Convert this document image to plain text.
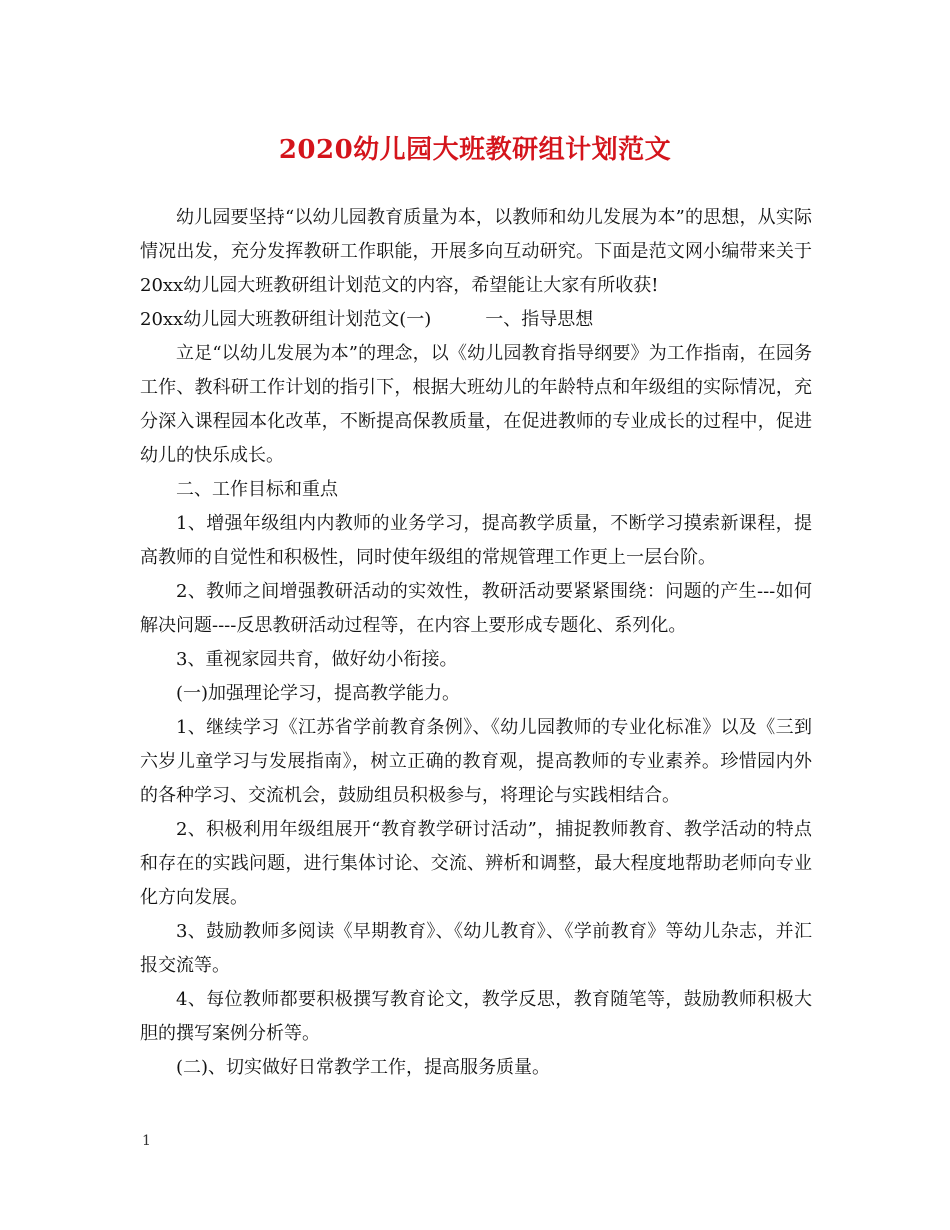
2020幼儿园大班教研组计划范文

幼儿园要坚持“以幼儿园教育质量为本，以教师和幼儿发展为本”的思想，从实际情况出发，充分发挥教研工作职能，开展多向互动研究。下面是范文网小编带来关于20xx幼儿园大班教研组计划范文的内容，希望能让大家有所收获!

20xx幼儿园大班教研组计划范文(一)	一、指导思想

立足“以幼儿发展为本”的理念，以《幼儿园教育指导纲要》为工作指南，在园务工作、教科研工作计划的指引下，根据大班幼儿的年龄特点和年级组的实际情况，充分深入课程园本化改革，不断提高保教质量，在促进教师的专业成长的过程中，促进幼儿的快乐成长。

二、工作目标和重点

1、增强年级组内内教师的业务学习，提高教学质量，不断学习摸索新课程，提高教师的自觉性和积极性，同时使年级组的常规管理工作更上一层台阶。

2、教师之间增强教研活动的实效性，教研活动要紧紧围绕：问题的产生---如何解决问题----反思教研活动过程等，在内容上要形成专题化、系列化。

3、重视家园共育，做好幼小衔接。

(一)加强理论学习，提高教学能力。

1、继续学习《江苏省学前教育条例》、《幼儿园教师的专业化标准》以及《三到六岁儿童学习与发展指南》，树立正确的教育观，提高教师的专业素养。珍惜园内外的各种学习、交流机会，鼓励组员积极参与，将理论与实践相结合。

2、积极利用年级组展开“教育教学研讨活动”，捕捉教师教育、教学活动的特点和存在的实践问题，进行集体讨论、交流、辨析和调整，最大程度地帮助老师向专业化方向发展。

3、鼓励教师多阅读《早期教育》、《幼儿教育》、《学前教育》等幼儿杂志，并汇报交流等。

4、每位教师都要积极撰写教育论文，教学反思，教育随笔等，鼓励教师积极大胆的撰写案例分析等。

(二)、切实做好日常教学工作，提高服务质量。

1
